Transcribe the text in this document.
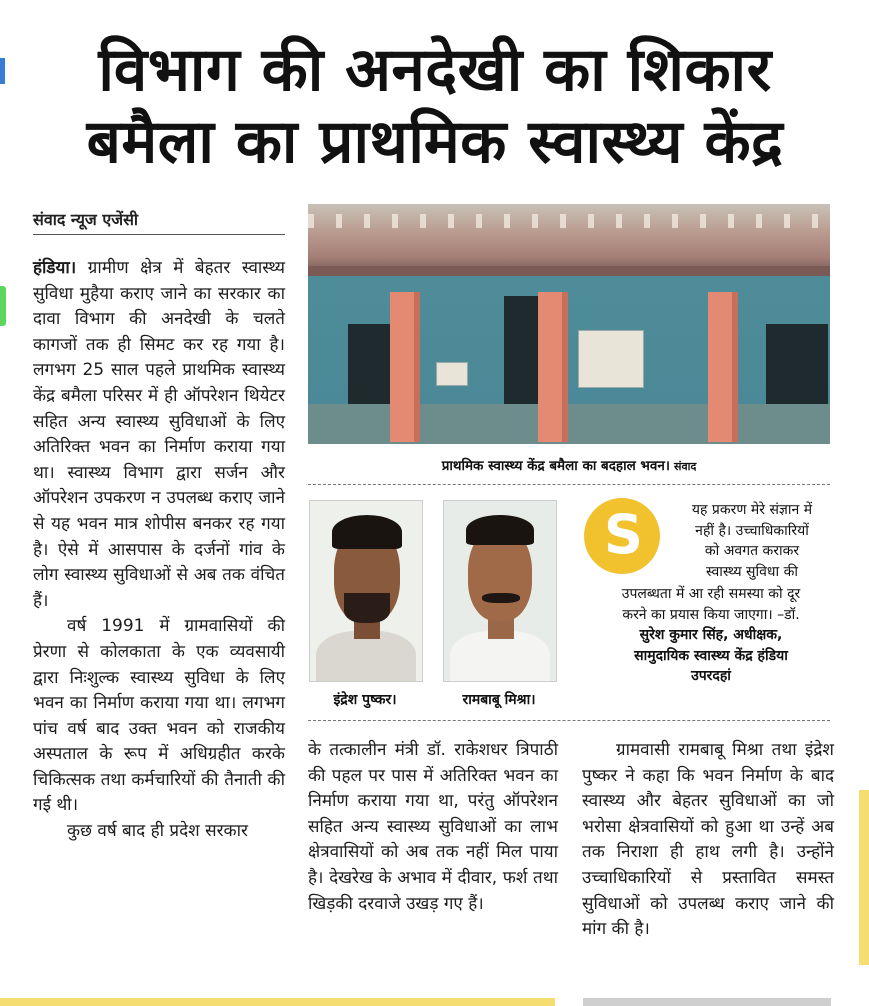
विभाग की अनदेखी का शिकार
बमैला का प्राथमिक स्वास्थ्य केंद्र
संवाद न्यूज एजेंसी

हंडिया। ग्रामीण क्षेत्र में बेहतर स्वास्थ्य सुविधा मुहैया कराए जाने का सरकार का दावा विभाग की अनदेखी के चलते कागजों तक ही सिमट कर रह गया है। लगभग 25 साल पहले प्राथमिक स्वास्थ्य केंद्र बमैला परिसर में ही ऑपरेशन थियेटर सहित अन्य स्वास्थ्य सुविधाओं के लिए अतिरिक्त भवन का निर्माण कराया गया था। स्वास्थ्य विभाग द्वारा सर्जन और ऑपरेशन उपकरण न उपलब्ध कराए जाने से यह भवन मात्र शोपीस बनकर रह गया है। ऐसे में आसपास के दर्जनों गांव के लोग स्वास्थ्य सुविधाओं से अब तक वंचित हैं।

वर्ष 1991 में ग्रामवासियों की प्रेरणा से कोलकाता के एक व्यवसायी द्वारा निःशुल्क स्वास्थ्य सुविधा के लिए भवन का निर्माण कराया गया था। लगभग पांच वर्ष बाद उक्त भवन को राजकीय अस्पताल के रूप में अधिग्रहीत करके चिकित्सक तथा कर्मचारियों की तैनाती की गई थी।

कुछ वर्ष बाद ही प्रदेश सरकार

प्राथमिक स्वास्थ्य केंद्र बमैला का बदहाल भवन। संवाद
इंद्रेश पुष्कर।	रामबाबू मिश्रा।
S	यह प्रकरण मेरे संज्ञान में
नहीं है। उच्चाधिकारियों
को अवगत कराकर
स्वास्थ्य सुविधा की
उपलब्धता में आ रही समस्या को दूर
करने का प्रयास किया जाएगा। –डॉ.
सुरेश कुमार सिंह, अधीक्षक,
सामुदायिक स्वास्थ्य केंद्र हंडिया
उपरदहां

के तत्कालीन मंत्री डॉ. राकेशधर त्रिपाठी की पहल पर पास में अतिरिक्त भवन का निर्माण कराया गया था, परंतु ऑपरेशन सहित अन्य स्वास्थ्य सुविधाओं का लाभ क्षेत्रवासियों को अब तक नहीं मिल पाया है। देखरेख के अभाव में दीवार, फर्श तथा खिड़की दरवाजे उखड़ गए हैं।

ग्रामवासी रामबाबू मिश्रा तथा इंद्रेश पुष्कर ने कहा कि भवन निर्माण के बाद स्वास्थ्य और बेहतर सुविधाओं का जो भरोसा क्षेत्रवासियों को हुआ था उन्हें अब तक निराशा ही हाथ लगी है। उन्होंने उच्चाधिकारियों से प्रस्तावित समस्त सुविधाओं को उपलब्ध कराए जाने की मांग की है।
